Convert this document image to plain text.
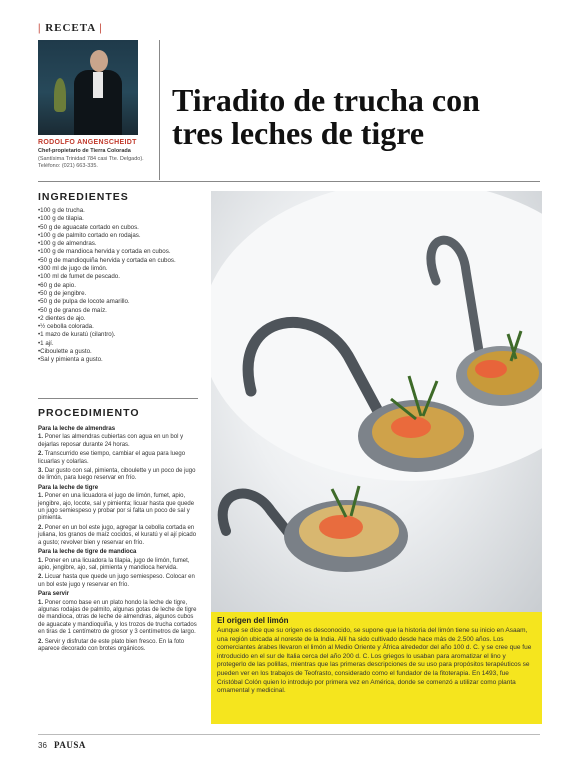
| RECETA |
RODOLFO ANGENSCHEIDT
Chef-propietario de Tierra Colorada
(Santísima Trinidad 784 casi Tte. Delgado). Teléfono: (021) 663-335.
Tiradito de trucha con tres leches de tigre
INGREDIENTES
• 100 g de trucha.
• 100 g de tilapia.
• 50 g de aguacate cortado en cubos.
• 100 g de palmito cortado en rodajas.
• 100 g de almendras.
• 100 g de mandioca hervida y cortada en cubos.
• 50 g de mandioquiña hervida y cortada en cubos.
• 300 ml de jugo de limón.
• 100 ml de fumet de pescado.
• 60 g de apio.
• 50 g de jengibre.
• 50 g de pulpa de locote amarillo.
• 50 g de granos de maíz.
• 2 dientes de ajo.
• ½ cebolla colorada.
• 1 mazo de kuratú (cilantro).
• 1 ají.
• Ciboulette a gusto.
• Sal y pimienta a gusto.
PROCEDIMIENTO
Para la leche de almendras
1. Poner las almendras cubiertas con agua en un bol y dejarlas reposar durante 24 horas.
2. Transcurrido ese tiempo, cambiar el agua para luego licuarlas y colarlas.
3. Dar gusto con sal, pimienta, ciboulette y un poco de jugo de limón, para luego reservar en frío.
Para la leche de tigre
1. Poner en una licuadora el jugo de limón, fumet, apio, jengibre, ajo, locote, sal y pimienta; licuar hasta que quede un jugo semiespeso y probar por si falta un poco de sal y pimienta.
2. Poner en un bol este jugo, agregar la cebolla cortada en juliana, los granos de maíz cocidos, el kuratú y el ají picado a gusto; revolver bien y reservar en frío.
Para la leche de tigre de mandioca
1. Poner en una licuadora la tilapia, jugo de limón, fumet, apio, jengibre, ajo, sal, pimienta y mandioca hervida.
2. Licuar hasta que quede un jugo semiespeso. Colocar en un bol este jugo y reservar en frío.
Para servir
1. Poner como base en un plato hondo la leche de tigre, algunas rodajas de palmito, algunas gotas de leche de tigre de mandioca, otras de leche de almendras, algunos cubos de aguacate y mandioquiña, y los trozos de trucha cortados en tiras de 1 centímetro de grosor y 3 centímetros de largo.
2. Servir y disfrutar de este plato bien fresco. En la foto aparece decorado con brotes orgánicos.
El origen del limón
Aunque se dice que su origen es desconocido, se supone que la historia del limón tiene su inicio en Asaam, una región ubicada al noreste de la India. Allí ha sido cultivado desde hace más de 2.500 años. Los comerciantes árabes llevaron el limón al Medio Oriente y África alrededor del año 100 d. C. y se cree que fue introducido en el sur de Italia cerca del año 200 d. C. Los griegos lo usaban para aromatizar el lino y protegerlo de las polillas, mientras que las primeras descripciones de su uso para propósitos terapéuticos se pueden ver en los trabajos de Teofrasto, considerado como el fundador de la fitoterapia. En 1493, fue Cristóbal Colón quien lo introdujo por primera vez en América, donde se comenzó a utilizar como planta ornamental y medicinal.
36 PAUSA
